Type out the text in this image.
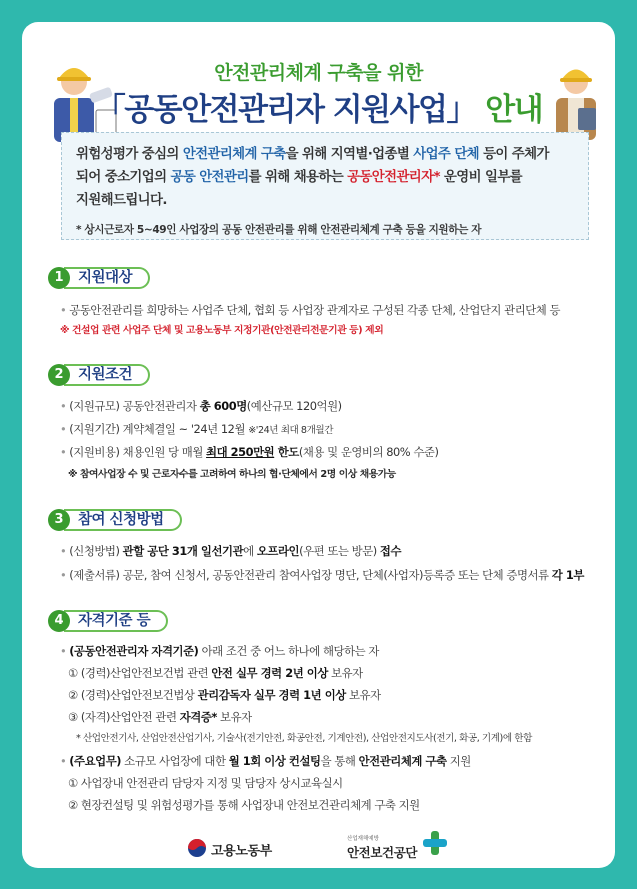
안전관리체계 구축을 위한
「공동안전관리자 지원사업」 안내

위험성평가 중심의 안전관리체계 구축을 위해 지역별·업종별 사업주 단체 등이 주체가

되어 중소기업의 공동 안전관리를 위해 채용하는 공동안전관리자* 운영비 일부를

지원해드립니다.

* 상시근로자 5~49인 사업장의 공동 안전관리를 위해 안전관리체계 구축 등을 지원하는 자

지원대상
1
• 공동안전관리를 희망하는 사업주 단체, 협회 등 사업장 관계자로 구성된 각종 단체, 산업단지 관리단체 등
※ 건설업 관련 사업주 단체 및 고용노동부 지정기관(안전관리전문기관 등) 제외
지원조건
2
• (지원규모) 공동안전관리자 총 600명(예산규모 120억원)
• (지원기간) 계약체결일 ~ '24년 12월 ※'24년 최대 8개월간
• (지원비용) 채용인원 당 매월 최대 250만원 한도(채용 및 운영비의 80% 수준)
※ 참여사업장 수 및 근로자수를 고려하여 하나의 협·단체에서 2명 이상 채용가능
참여 신청방법
3
• (신청방법) 관할 공단 31개 일선기관에 오프라인(우편 또는 방문) 접수
• (제출서류) 공문, 참여 신청서, 공동안전관리 참여사업장 명단, 단체(사업자)등록증 또는 단체 증명서류 각 1부
자격기준 등
4
• (공동안전관리자 자격기준) 아래 조건 중 어느 하나에 해당하는 자
① (경력)산업안전보건법 관련 안전 실무 경력 2년 이상 보유자
② (경력)산업안전보건법상 관리감독자 실무 경력 1년 이상 보유자
③ (자격)산업안전 관련 자격증* 보유자
* 산업안전기사, 산업안전산업기사, 기술사(전기안전, 화공안전, 기계안전), 산업안전지도사(전기, 화공, 기계)에 한함
• (주요업무) 소규모 사업장에 대한 월 1회 이상 컨설팅을 통해 안전관리체계 구축 지원
① 사업장내 안전관리 담당자 지정 및 담당자 상시교육실시
② 현장컨설팅 및 위험성평가를 통해 사업장내 안전보건관리체계 구축 지원
고용노동부
산업재해예방
안전보건공단
